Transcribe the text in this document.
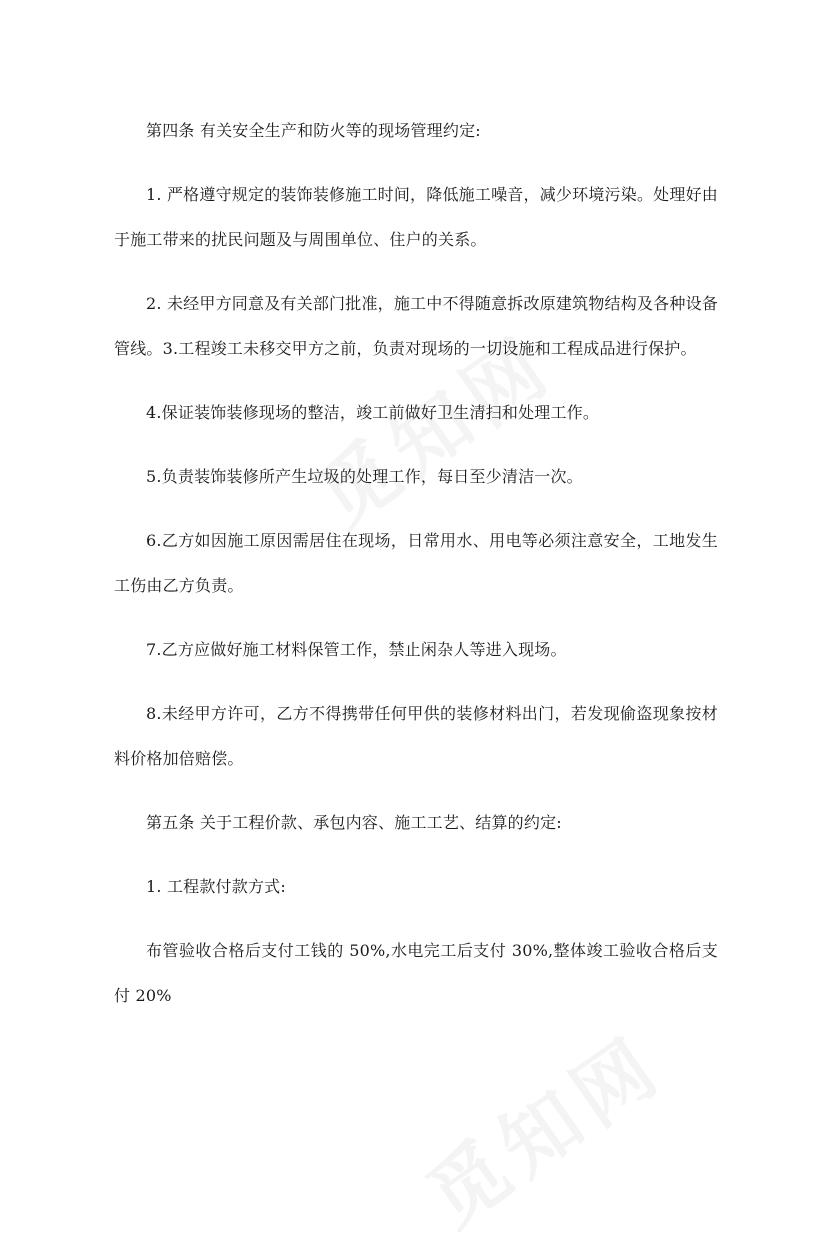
第四条 有关安全生产和防火等的现场管理约定:

1. 严格遵守规定的装饰装修施工时间，降低施工噪音，减少环境污染。处理好由于施工带来的扰民问题及与周围单位、住户的关系。

2. 未经甲方同意及有关部门批准，施工中不得随意拆改原建筑物结构及各种设备管线。3.工程竣工未移交甲方之前，负责对现场的一切设施和工程成品进行保护。

4.保证装饰装修现场的整洁，竣工前做好卫生清扫和处理工作。

5.负责装饰装修所产生垃圾的处理工作，每日至少清洁一次。

6.乙方如因施工原因需居住在现场，日常用水、用电等必须注意安全，工地发生工伤由乙方负责。

7.乙方应做好施工材料保管工作，禁止闲杂人等进入现场。

8.未经甲方许可，乙方不得携带任何甲供的装修材料出门，若发现偷盗现象按材料价格加倍赔偿。

第五条 关于工程价款、承包内容、施工工艺、结算的约定:

1. 工程款付款方式:

布管验收合格后支付工钱的 50%,水电完工后支付 30%,整体竣工验收合格后支付 20%
